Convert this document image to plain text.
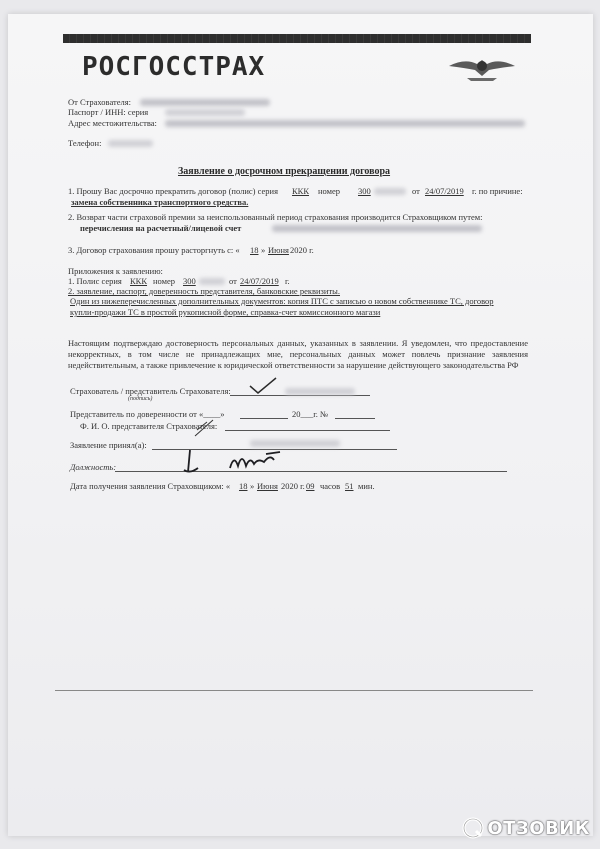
РОСГОССТРАХ
От Страхователя:
Паспорт / ИНН: серия
Адрес местожительства:
Телефон:
Заявление о досрочном прекращении договора
1. Прошу Вас досрочно прекратить договор (полис) серия ККК номер 300	от 24/07/2019 г. по причине:
замена собственника транспортного средства.
2. Возврат части страховой премии за неиспользованный период страхования производится Страховщиком путем:
перечисления на расчетный/лицевой счет
3. Договор страхования прошу расторгнуть с: « 18 » Июня 2020 г.
Приложения к заявлению:
1. Полис серия ККК номер 300	от 24/07/2019 г.
2. заявление, паспорт, доверенность представителя, банковские реквизиты.
Один из нижеперечисленных дополнительных документов: копия ПТС с записью о новом собственнике ТС, договор
купли-продажи ТС в простой рукописной форме, справка-счет комиссионного магази
Настоящим подтверждаю достоверность персональных данных, указанных в заявлении. Я уведомлен, что предоставление некорректных, в том числе не принадлежащих мне, персональных данных может повлечь признание заявления недействительным, а также привлечение к юридической ответственности за нарушение действующего законодательства РФ
Страхователь / представитель Страхователя:
(подпись)
Представитель по доверенности от «____»	20___г. №
Ф. И. О. представителя Страхователя:
Заявление принял(а):
Должность:
Дата получения заявления Страховщиком: « 18 » Июня 2020 г. 09 часов 51 мин.
ОТЗОВИК
